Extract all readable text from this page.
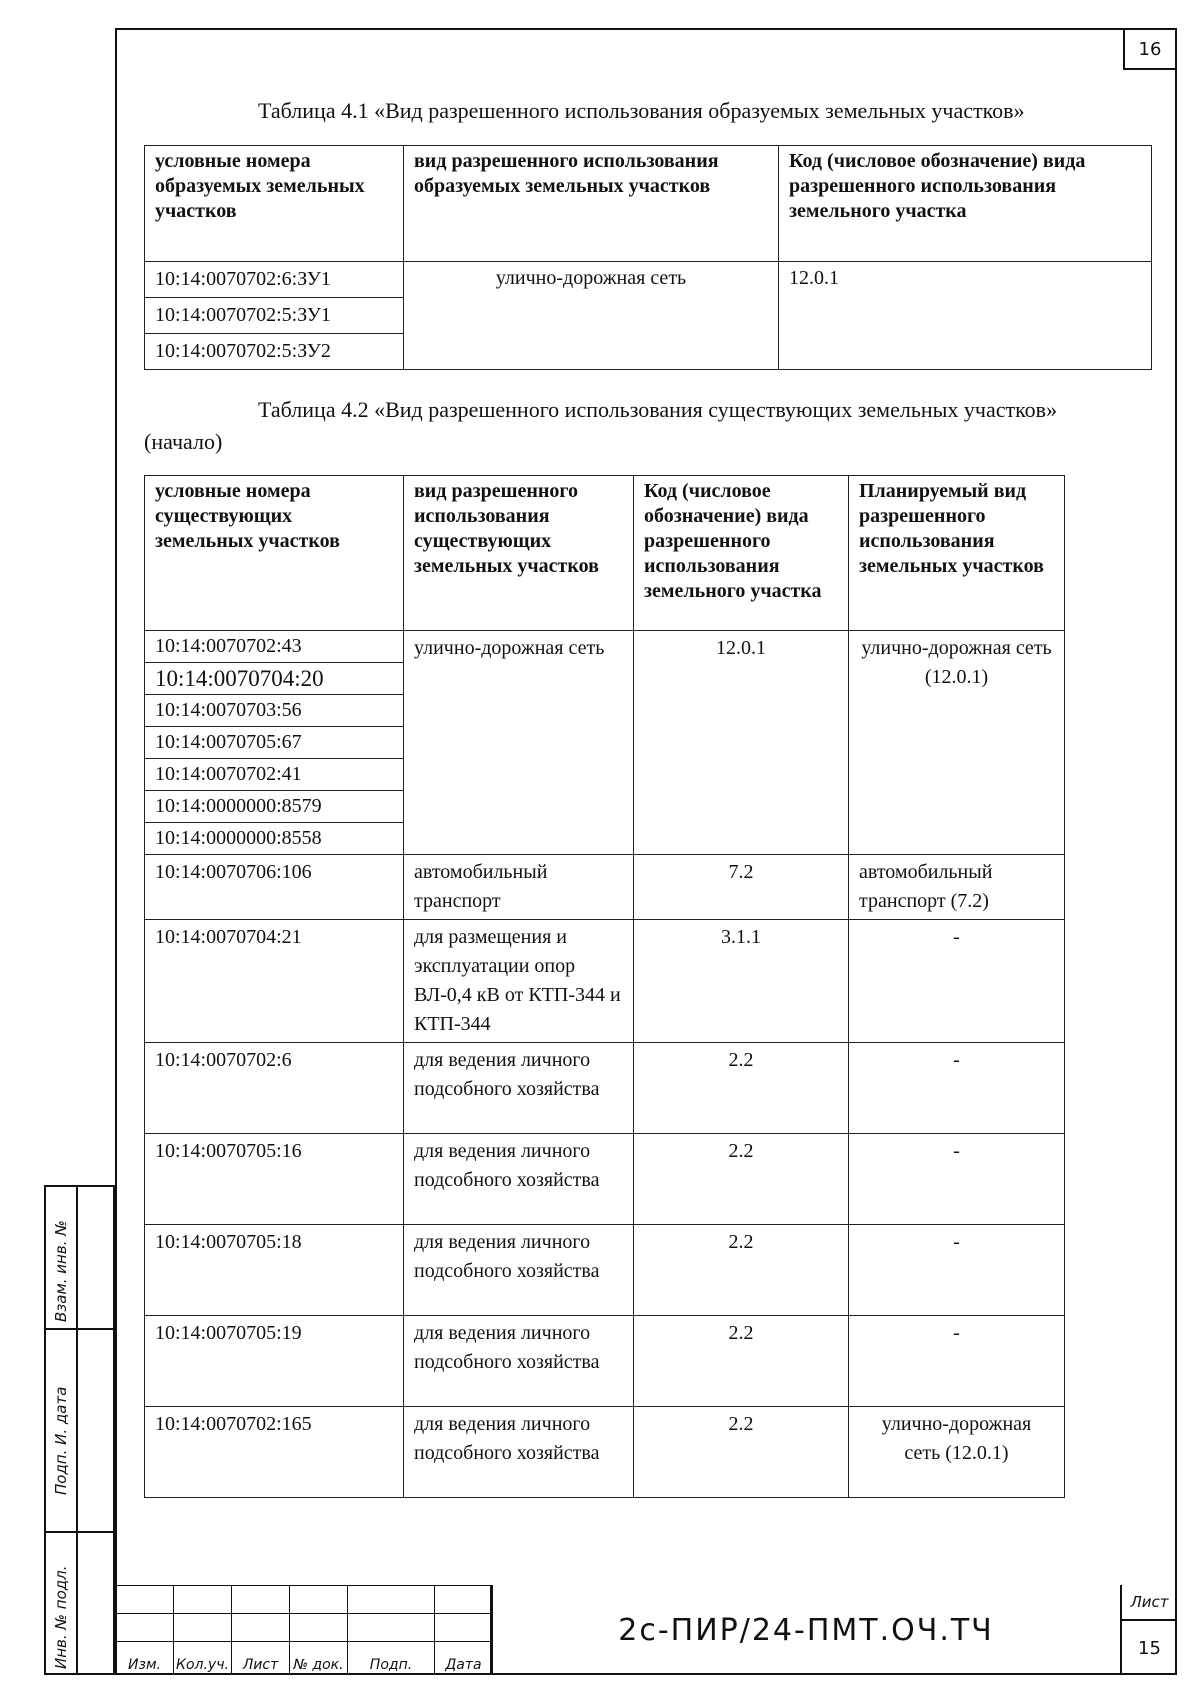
16
Таблица 4.1 «Вид разрешенного использования образуемых земельных участков»
условные номера образуемых земельных участков	вид разрешенного использования образуемых земельных участков	Код (числовое обозначение) вида разрешенного использования земельного участка
10:14:0070702:6:ЗУ1	улично-дорожная сеть	12.0.1
10:14:0070702:5:ЗУ1		
10:14:0070702:5:ЗУ2		
Таблица 4.2 «Вид разрешенного использования существующих земельных участков»
(начало)
условные номера существующих земельных участков	вид разрешенного использования существующих земельных участков	Код (числовое обозначение) вида разрешенного использования земельного участка	Планируемый вид разрешенного использования земельных участков
10:14:0070702:43	улично-дорожная сеть	12.0.1	улично-дорожная сеть (12.0.1)
10:14:0070704:20			
10:14:0070703:56			
10:14:0070705:67			
10:14:0070702:41			
10:14:0000000:8579			
10:14:0000000:8558			
10:14:0070706:106	автомобильный транспорт	7.2	автомобильный транспорт (7.2)
10:14:0070704:21	для размещения и эксплуатации опор ВЛ-0,4 кВ от КТП-344 и КТП-344	3.1.1	-
10:14:0070702:6	для ведения личного подсобного хозяйства	2.2	-
10:14:0070705:16	для ведения личного подсобного хозяйства	2.2	-
10:14:0070705:18	для ведения личного подсобного хозяйства	2.2	-
10:14:0070705:19	для ведения личного подсобного хозяйства	2.2	-
10:14:0070702:165	для ведения личного подсобного хозяйства	2.2	улично-дорожная сеть (12.0.1)
Взам. инв. №
Подп. И. дата
Инв. № подл.

						Изм.	Кол.уч.	Лист	№ док.	Подп.	Дата
2с-ПИР/24-ПМТ.ОЧ.ТЧ
Лист
15
